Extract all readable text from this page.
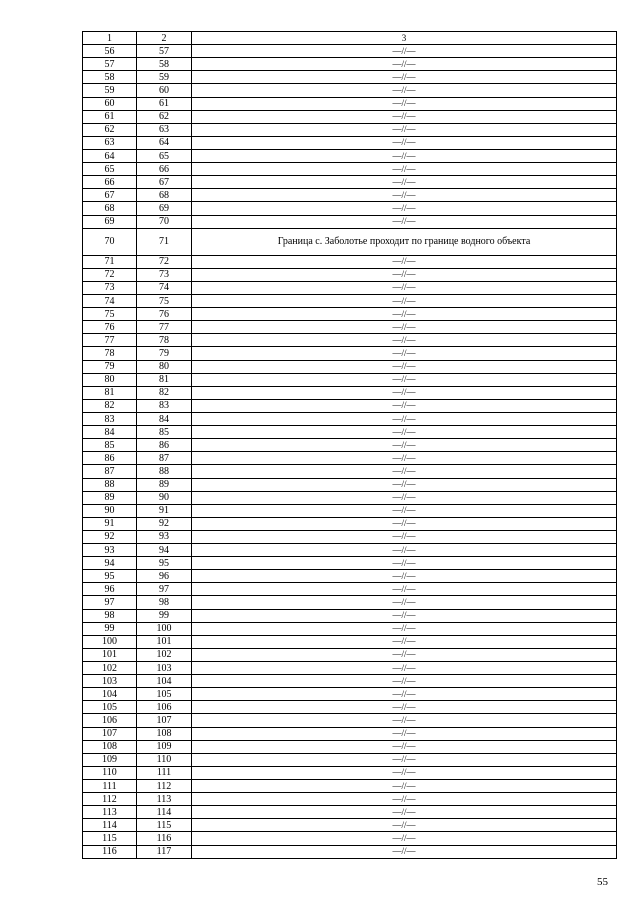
1	2	3
56	57	—//—
57	58	—//—
58	59	—//—
59	60	—//—
60	61	—//—
61	62	—//—
62	63	—//—
63	64	—//—
64	65	—//—
65	66	—//—
66	67	—//—
67	68	—//—
68	69	—//—
69	70	—//—
70	71	Граница с. Заболотье проходит по границе водного объекта
71	72	—//—
72	73	—//—
73	74	—//—
74	75	—//—
75	76	—//—
76	77	—//—
77	78	—//—
78	79	—//—
79	80	—//—
80	81	—//—
81	82	—//—
82	83	—//—
83	84	—//—
84	85	—//—
85	86	—//—
86	87	—//—
87	88	—//—
88	89	—//—
89	90	—//—
90	91	—//—
91	92	—//—
92	93	—//—
93	94	—//—
94	95	—//—
95	96	—//—
96	97	—//—
97	98	—//—
98	99	—//—
99	100	—//—
100	101	—//—
101	102	—//—
102	103	—//—
103	104	—//—
104	105	—//—
105	106	—//—
106	107	—//—
107	108	—//—
108	109	—//—
109	110	—//—
110	111	—//—
111	112	—//—
112	113	—//—
113	114	—//—
114	115	—//—
115	116	—//—
116	117	—//—
55
